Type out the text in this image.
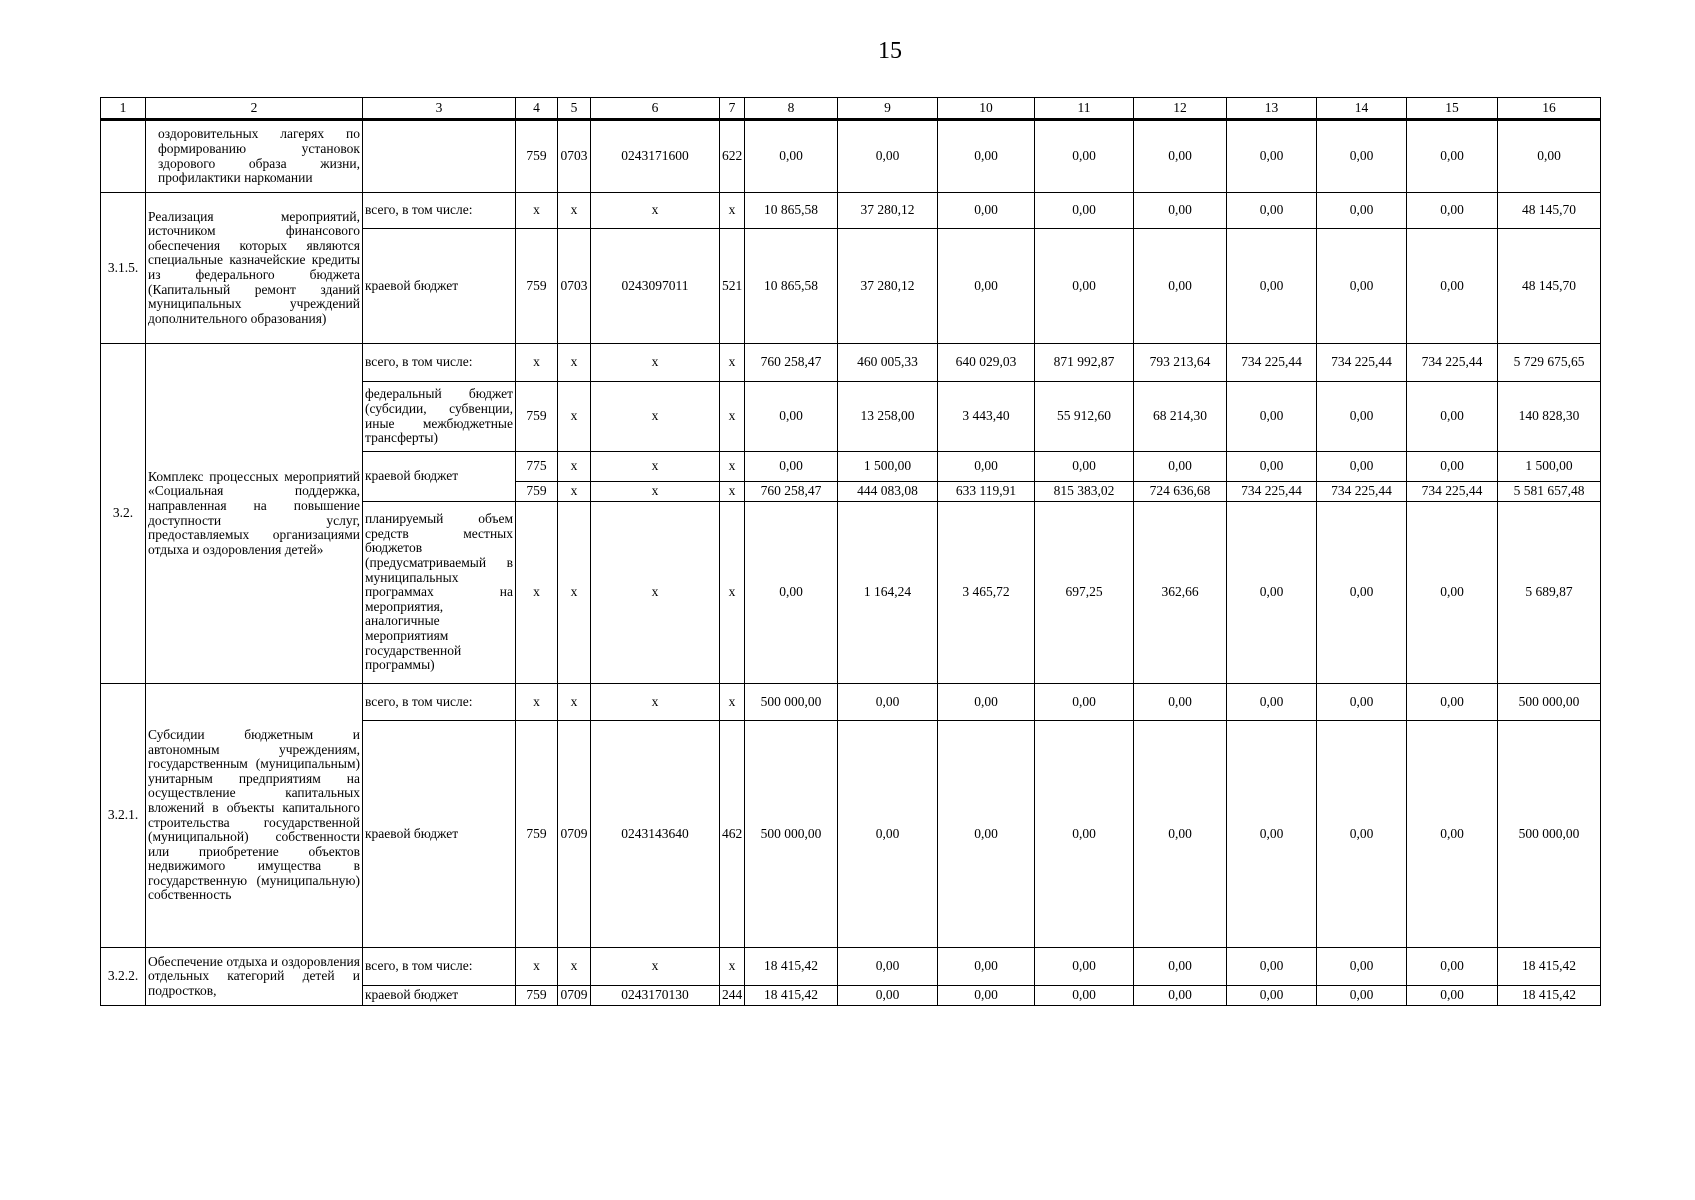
15
1	2	3	4	5	6	7	8	9	10	11	12	13	14	15	16
	оздоровительных лагерях по формированию установок здорового образа жизни, профилактики наркомании		759	0703	0243171600	622	0,00	0,00	0,00	0,00	0,00	0,00	0,00	0,00	0,00
3.1.5.	Реализация мероприятий, источником финансового обеспечения которых являются специальные казначейские кредиты из федерального бюджета (Капитальный ремонт зданий муниципальных учреждений дополнительного образования)	всего, в том числе:	x	x	x	x	10 865,58	37 280,12	0,00	0,00	0,00	0,00	0,00	0,00	48 145,70
		краевой бюджет	759	0703	0243097011	521	10 865,58	37 280,12	0,00	0,00	0,00	0,00	0,00	0,00	48 145,70
3.2.	Комплекс процессных мероприятий «Социальная поддержка, направленная на повышение доступности услуг, предоставляемых организациями отдыха и оздоровления детей»	всего, в том числе:	x	x	x	x	760 258,47	460 005,33	640 029,03	871 992,87	793 213,64	734 225,44	734 225,44	734 225,44	5 729 675,65
		федеральный бюджет (субсидии, субвенции, иные межбюджетные трансферты)	759	x	x	x	0,00	13 258,00	3 443,40	55 912,60	68 214,30	0,00	0,00	0,00	140 828,30
		краевой бюджет	775	x	x	x	0,00	1 500,00	0,00	0,00	0,00	0,00	0,00	0,00	1 500,00
			759	x	x	x	760 258,47	444 083,08	633 119,91	815 383,02	724 636,68	734 225,44	734 225,44	734 225,44	5 581 657,48
		планируемый объем средств местных бюджетов (предусматриваемый в муниципальных программах на мероприятия, аналогичные мероприятиям государственной программы)	x	x	x	x	0,00	1 164,24	3 465,72	697,25	362,66	0,00	0,00	0,00	5 689,87
3.2.1.	Субсидии бюджетным и автономным учреждениям, государственным (муниципальным) унитарным предприятиям на осуществление капитальных вложений в объекты капитального строительства государственной (муниципальной) собственности или приобретение объектов недвижимого имущества в государственную (муниципальную) собственность	всего, в том числе:	x	x	x	x	500 000,00	0,00	0,00	0,00	0,00	0,00	0,00	0,00	500 000,00
		краевой бюджет	759	0709	0243143640	462	500 000,00	0,00	0,00	0,00	0,00	0,00	0,00	0,00	500 000,00
3.2.2.	Обеспечение отдыха и оздоровления отдельных категорий детей и подростков,	всего, в том числе:	x	x	x	x	18 415,42	0,00	0,00	0,00	0,00	0,00	0,00	0,00	18 415,42
		краевой бюджет	759	0709	0243170130	244	18 415,42	0,00	0,00	0,00	0,00	0,00	0,00	0,00	18 415,42
